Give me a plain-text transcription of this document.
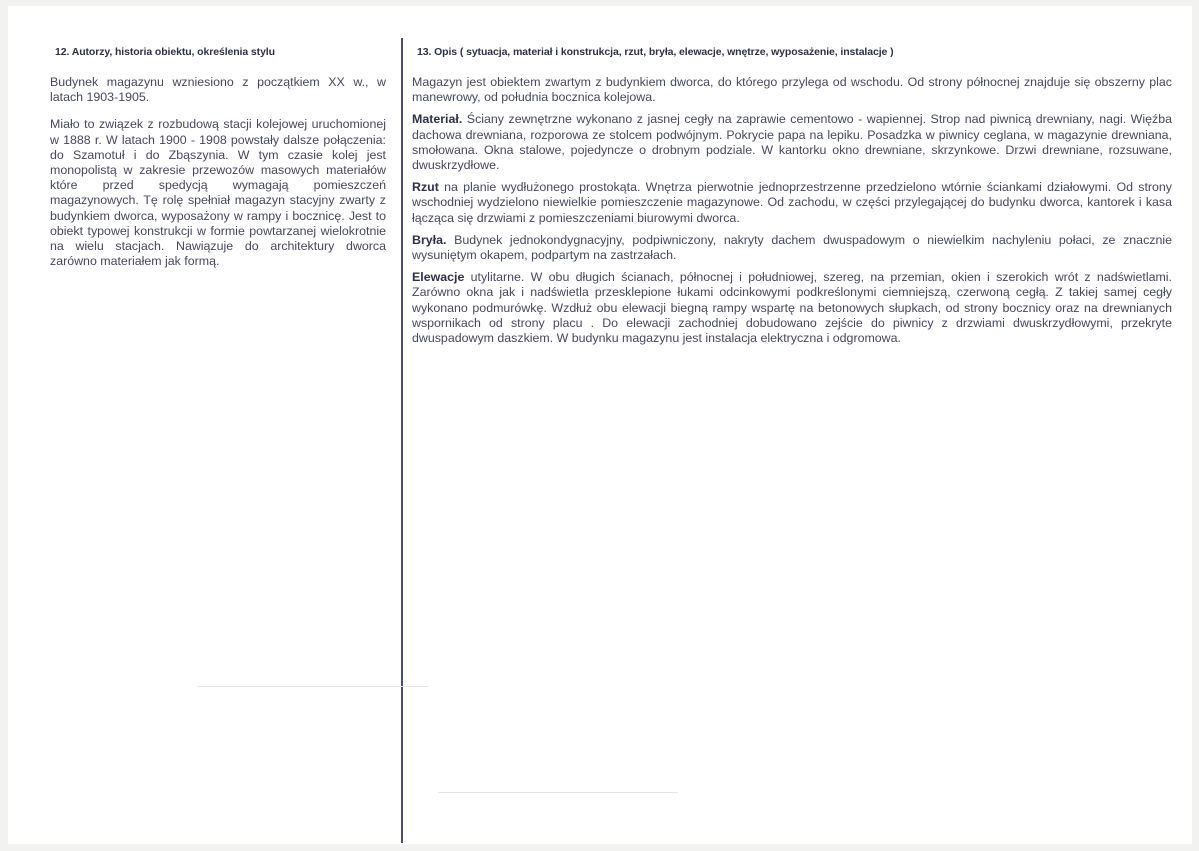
12. Autorzy, historia obiektu, określenia stylu

Budynek magazynu wzniesiono z początkiem XX w., w latach 1903-1905.

Miało to związek z rozbudową stacji kolejowej uruchomionej w 1888 r. W latach 1900 - 1908 powstały dalsze połączenia: do Szamotuł i do Zbąszynia. W tym czasie kolej jest monopolistą w zakresie przewozów masowych materiałów które przed spedycją wymagają pomieszczeń magazynowych. Tę rolę spełniał magazyn stacyjny zwarty z budynkiem dworca, wyposażony w rampy i bocznicę. Jest to obiekt typowej konstrukcji w formie powtarzanej wielokrotnie na wielu stacjach. Nawiązuje do architektury dworca zarówno materiałem jak formą.

13. Opis ( sytuacja, materiał i konstrukcja, rzut, bryła, elewacje, wnętrze, wyposażenie, instalacje )

Magazyn jest obiektem zwartym z budynkiem dworca, do którego przylega od wschodu. Od strony północnej znajduje się obszerny plac manewrowy, od południa bocznica kolejowa.

Materiał. Ściany zewnętrzne wykonano z jasnej cegły na zaprawie cementowo - wapiennej. Strop nad piwnicą drewniany, nagi. Więźba dachowa drewniana, rozporowa ze stolcem podwójnym. Pokrycie papa na lepiku. Posadzka w piwnicy ceglana, w magazynie drewniana, smołowana. Okna stalowe, pojedyncze o drobnym podziale. W kantorku okno drewniane, skrzynkowe. Drzwi drewniane, rozsuwane, dwuskrzydłowe.

Rzut na planie wydłużonego prostokąta. Wnętrza pierwotnie jednoprzestrzenne przedzielono wtórnie ściankami działowymi. Od strony wschodniej wydzielono niewielkie pomieszczenie magazynowe. Od zachodu, w części przylegającej do budynku dworca, kantorek i kasa łącząca się drzwiami z pomieszczeniami biurowymi dworca.

Bryła. Budynek jednokondygnacyjny, podpiwniczony, nakryty dachem dwuspadowym o niewielkim nachyleniu połaci, ze znacznie wysuniętym okapem, podpartym na zastrzałach.

Elewacje utylitarne. W obu długich ścianach, północnej i południowej, szereg, na przemian, okien i szerokich wrót z nadświetlami. Zarówno okna jak i nadświetla przesklepione łukami odcinkowymi podkreślonymi ciemniejszą, czerwoną cegłą. Z takiej samej cegły wykonano podmurówkę. Wzdłuż obu elewacji biegną rampy wspartę na betonowych słupkach, od strony bocznicy oraz na drewnianych wspornikach od strony placu . Do elewacji zachodniej dobudowano zejście do piwnicy z drzwiami dwuskrzydłowymi, przekryte dwuspadowym daszkiem. W budynku magazynu jest instalacja elektryczna i odgromowa.
